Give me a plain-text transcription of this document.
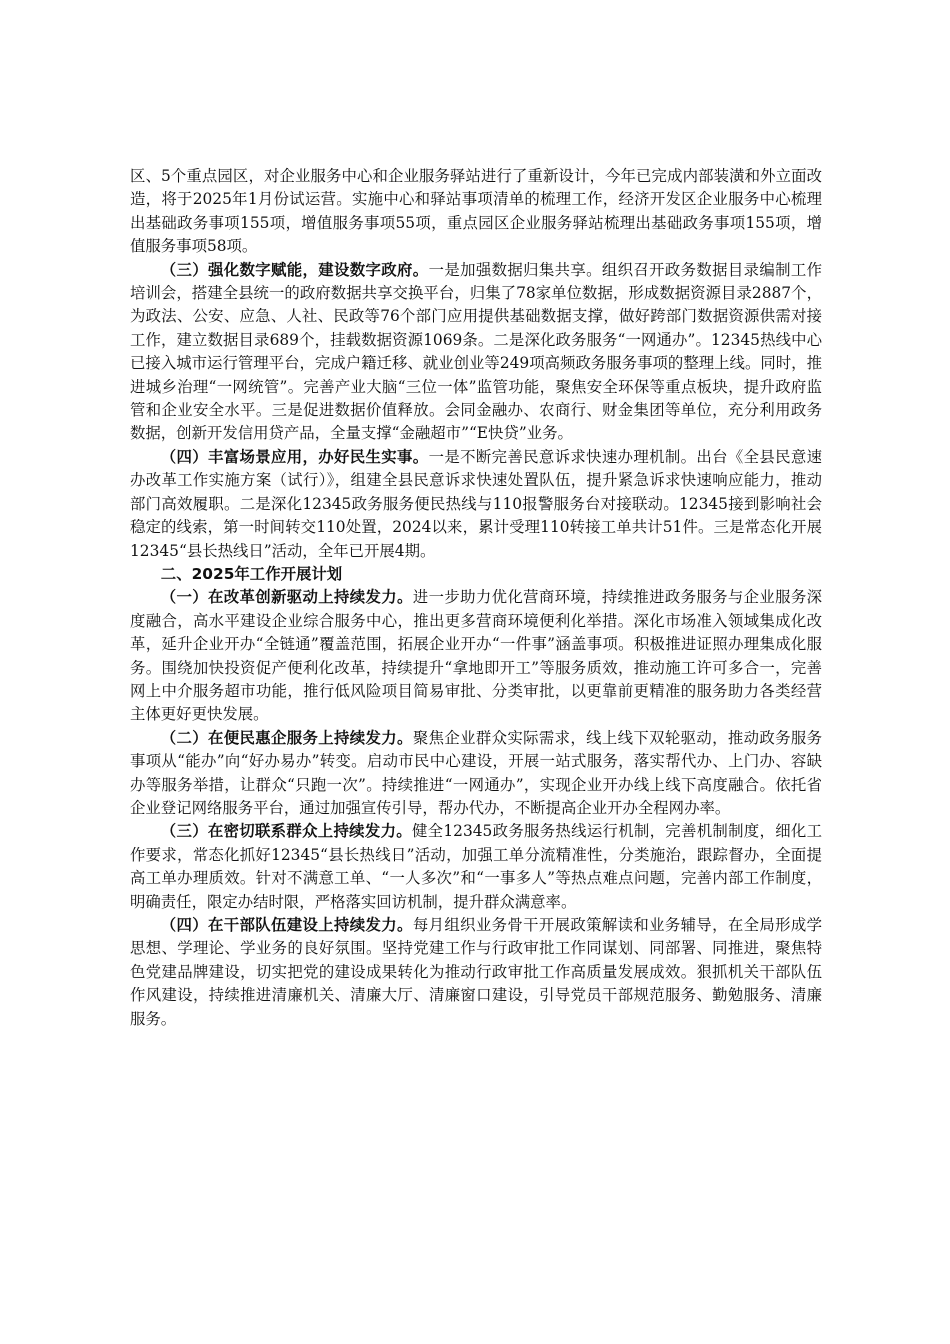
区、5个重点园区，对企业服务中心和企业服务驿站进行了重新设计，今年已完成内部装潢和外立面改造，将于2025年1月份试运营。实施中心和驿站事项清单的梳理工作，经济开发区企业服务中心梳理出基础政务事项155项，增值服务事项55项，重点园区企业服务驿站梳理出基础政务事项155项，增值服务事项58项。

（三）强化数字赋能，建设数字政府。一是加强数据归集共享。组织召开政务数据目录编制工作培训会，搭建全县统一的政府数据共享交换平台，归集了78家单位数据，形成数据资源目录2887个，为政法、公安、应急、人社、民政等76个部门应用提供基础数据支撑，做好跨部门数据资源供需对接工作，建立数据目录689个，挂载数据资源1069条。二是深化政务服务“一网通办”。12345热线中心已接入城市运行管理平台，完成户籍迁移、就业创业等249项高频政务服务事项的整理上线。同时，推进城乡治理“一网统管”。完善产业大脑“三位一体”监管功能，聚焦安全环保等重点板块，提升政府监管和企业安全水平。三是促进数据价值释放。会同金融办、农商行、财金集团等单位，充分利用政务数据，创新开发信用贷产品，全量支撑“金融超市”“E快贷”业务。

（四）丰富场景应用，办好民生实事。一是不断完善民意诉求快速办理机制。出台《全县民意速办改革工作实施方案（试行）》，组建全县民意诉求快速处置队伍，提升紧急诉求快速响应能力，推动部门高效履职。二是深化12345政务服务便民热线与110报警服务台对接联动。12345接到影响社会稳定的线索，第一时间转交110处置，2024以来，累计受理110转接工单共计51件。三是常态化开展12345“县长热线日”活动，全年已开展4期。

二、2025年工作开展计划

（一）在改革创新驱动上持续发力。进一步助力优化营商环境，持续推进政务服务与企业服务深度融合，高水平建设企业综合服务中心，推出更多营商环境便利化举措。深化市场准入领域集成化改革，延升企业开办“全链通”覆盖范围，拓展企业开办“一件事”涵盖事项。积极推进证照办理集成化服务。围绕加快投资促产便利化改革，持续提升“拿地即开工”等服务质效，推动施工许可多合一，完善网上中介服务超市功能，推行低风险项目简易审批、分类审批，以更靠前更精准的服务助力各类经营主体更好更快发展。

（二）在便民惠企服务上持续发力。聚焦企业群众实际需求，线上线下双轮驱动，推动政务服务事项从“能办”向“好办易办”转变。启动市民中心建设，开展一站式服务，落实帮代办、上门办、容缺办等服务举措，让群众“只跑一次”。持续推进“一网通办”，实现企业开办线上线下高度融合。依托省企业登记网络服务平台，通过加强宣传引导，帮办代办，不断提高企业开办全程网办率。

（三）在密切联系群众上持续发力。健全12345政务服务热线运行机制，完善机制制度，细化工作要求，常态化抓好12345“县长热线日”活动，加强工单分流精准性，分类施治，跟踪督办，全面提高工单办理质效。针对不满意工单、“一人多次”和“一事多人”等热点难点问题，完善内部工作制度，明确责任，限定办结时限，严格落实回访机制，提升群众满意率。

（四）在干部队伍建设上持续发力。每月组织业务骨干开展政策解读和业务辅导，在全局形成学思想、学理论、学业务的良好氛围。坚持党建工作与行政审批工作同谋划、同部署、同推进，聚焦特色党建品牌建设，切实把党的建设成果转化为推动行政审批工作高质量发展成效。狠抓机关干部队伍作风建设，持续推进清廉机关、清廉大厅、清廉窗口建设，引导党员干部规范服务、勤勉服务、清廉服务。
